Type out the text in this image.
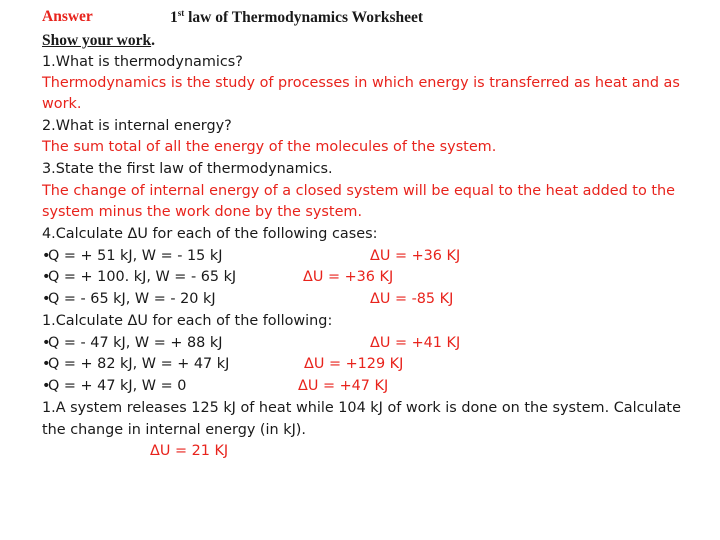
Answer	1st law of Thermodynamics Worksheet
Show your work.
1.What is thermodynamics?
Thermodynamics is the study of processes in which energy is transferred as heat and as
work.
2.What is internal energy?
The sum total of all the energy of the molecules of the system.
3.State the first law of thermodynamics.
The change of internal energy of a closed system will be equal to the heat added to the
system minus the work done by the system.
4.Calculate ΔU for each of the following cases:
•Q = + 51 kJ, W = - 15 kJ	ΔU = +36 KJ
•Q = + 100. kJ, W = - 65 kJ	ΔU = +36 KJ
•Q = - 65 kJ, W = - 20 kJ	ΔU = -85 KJ
1.Calculate ΔU for each of the following:
•Q = - 47 kJ, W = + 88 kJ	ΔU = +41 KJ
•Q = + 82 kJ, W = + 47 kJ	ΔU = +129 KJ
•Q = + 47 kJ, W = 0	ΔU = +47 KJ
1.A system releases 125 kJ of heat while 104 kJ of work is done on the system. Calculate
the change in internal energy (in kJ).
ΔU = 21 KJ
